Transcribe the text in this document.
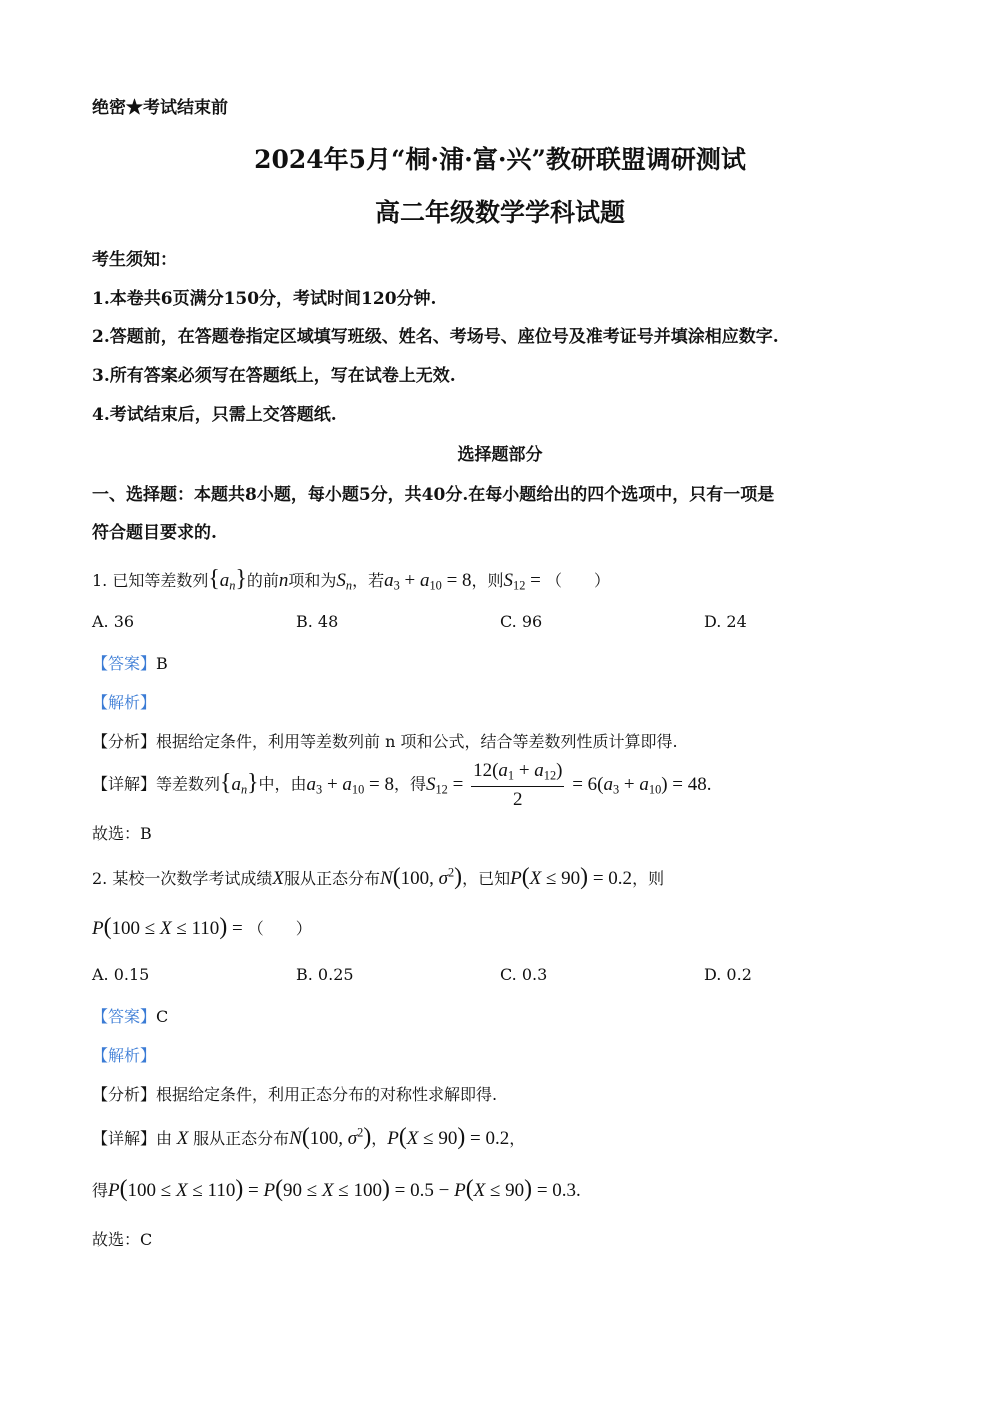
绝密★考试结束前
2024年5月“桐·浦·富·兴”教研联盟调研测试
高二年级数学学科试题
考生须知：
1.本卷共6页满分150分，考试时间120分钟.
2.答题前，在答题卷指定区域填写班级、姓名、考场号、座位号及准考证号并填涂相应数字.
3.所有答案必须写在答题纸上，写在试卷上无效.
4.考试结束后，只需上交答题纸.
选择题部分
一、选择题：本题共8小题，每小题5分，共40分.在每小题给出的四个选项中，只有一项是
符合题目要求的.
1. 已知等差数列$\{a_n\}$的前n项和为$S_n$，若$a_3 + a_{10} = 8$，则$S_{12}$ = （　　）
A. 36	B. 48	C. 96	D. 24
【答案】B
【解析】
【分析】根据给定条件，利用等差数列前 n 项和公式，结合等差数列性质计算即得.
【详解】等差数列$\{a_n\}$中，由$a_3 + a_{10} = 8$，得$S_{12} = \frac{12(a_1 + a_{12})}{2} = 6(a_3 + a_{10}) = 48$.
故选：B
2. 某校一次数学考试成绩X服从正态分布N(100, $\sigma^2$)，已知P(X ≤ 90) = 0.2，则
P(100 ≤ X ≤ 110) = （　　）
A. 0.15	B. 0.25	C. 0.3	D. 0.2
【答案】C
【解析】
【分析】根据给定条件，利用正态分布的对称性求解即得.
【详解】由 X 服从正态分布N(100, $\sigma^2$)，P(X ≤ 90) = 0.2，
得P(100 ≤ X ≤ 110) = P(90 ≤ X ≤ 100) = 0.5 − P(X ≤ 90) = 0.3.
故选：C
